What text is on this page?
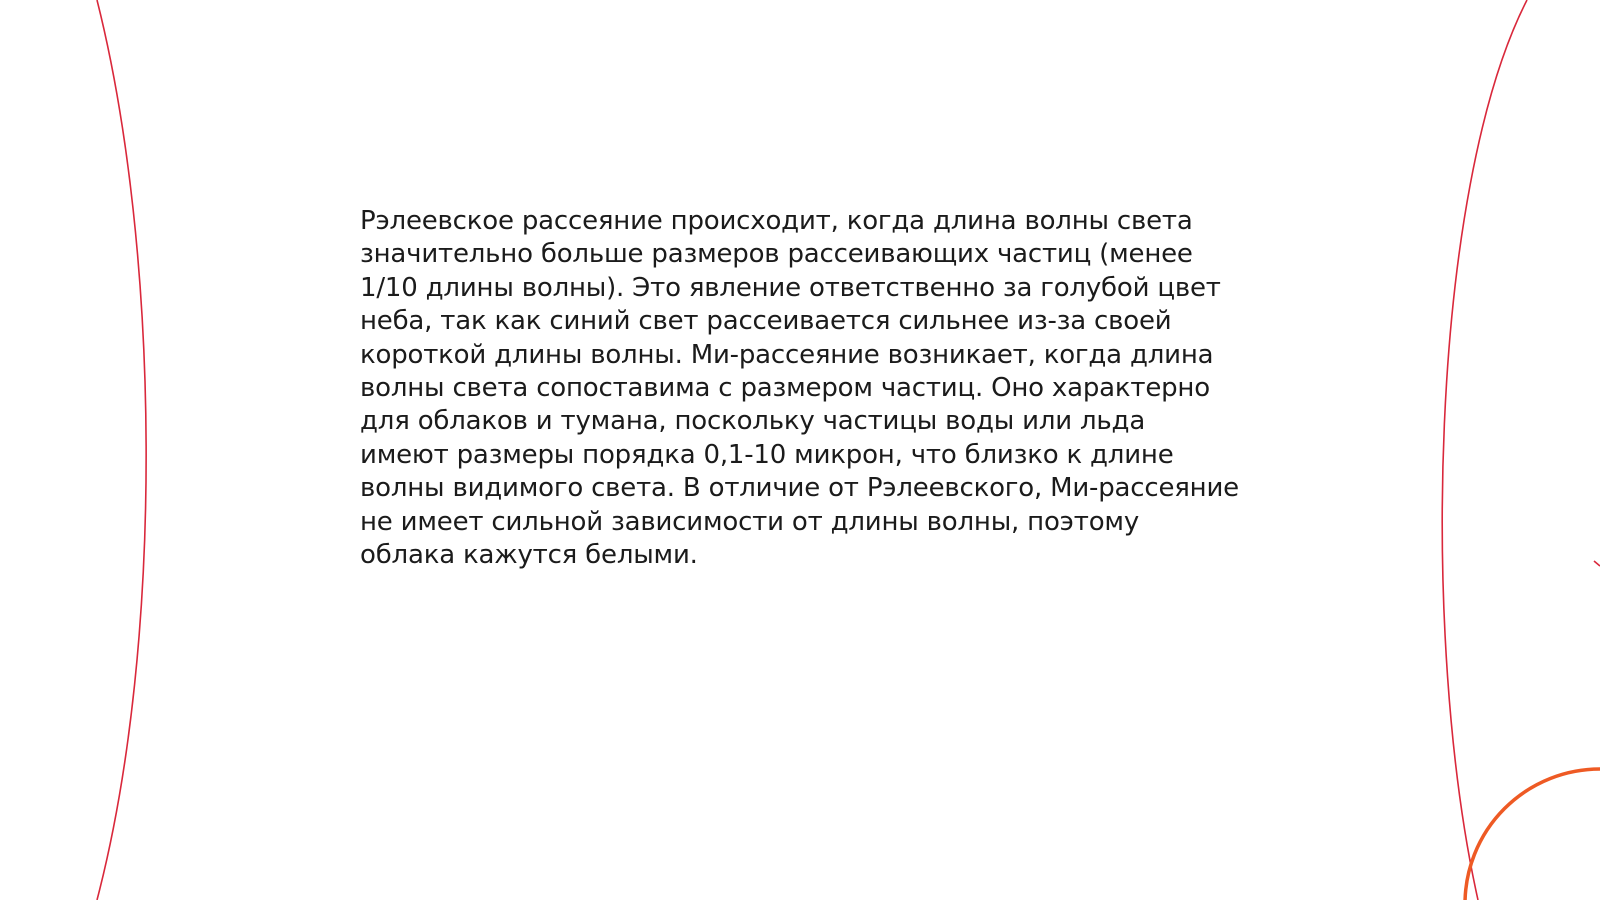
Рэлеевское рассеяние происходит, когда длина волны света значительно больше размеров рассеивающих частиц (менее 1/10 длины волны). Это явление ответственно за голубой цвет неба, так как синий свет рассеивается сильнее из-за своей короткой длины волны. Ми-рассеяние возникает, когда длина волны света сопоставима с размером частиц. Оно характерно для облаков и тумана, поскольку частицы воды или льда имеют размеры порядка 0,1-10 микрон, что близко к длине волны видимого света. В отличие от Рэлеевского, Ми-рассеяние не имеет сильной зависимости от длины волны, поэтому облака кажутся белыми.
